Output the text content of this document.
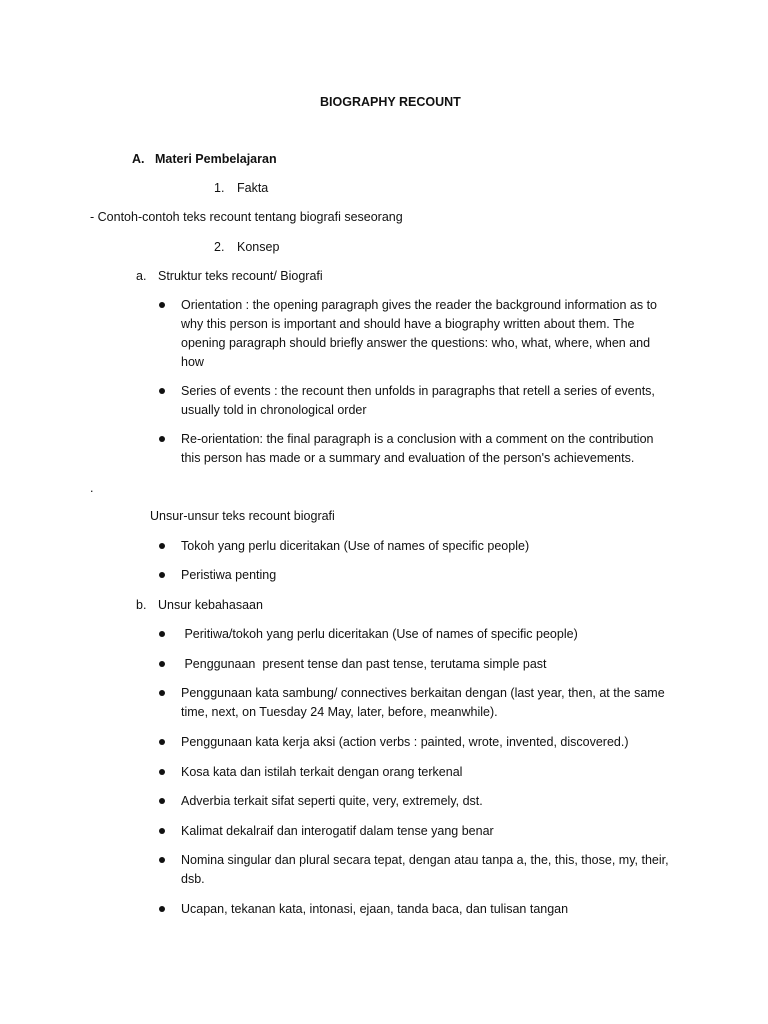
BIOGRAPHY RECOUNT
A. Materi Pembelajaran
1. Fakta
- Contoh-contoh teks recount tentang biografi seseorang
2. Konsep
a. Struktur teks recount/ Biografi
Orientation : the opening paragraph gives the reader the background information as to
why this person is important and should have a biography written about them. The
opening paragraph should briefly answer the questions: who, what, where, when and
how
Series of events : the recount then unfolds in paragraphs that retell a series of events,
usually told in chronological order
Re-orientation: the final paragraph is a conclusion with a comment on the contribution
this person has made or a summary and evaluation of the person's achievements.
.
Unsur-unsur teks recount biografi
Tokoh yang perlu diceritakan (Use of names of specific people)
Peristiwa penting
b. Unsur kebahasaan
Peritiwa/tokoh yang perlu diceritakan (Use of names of specific people)
Penggunaan  present tense dan past tense, terutama simple past
Penggunaan kata sambung/ connectives berkaitan dengan (last year, then, at the same
time, next, on Tuesday 24 May, later, before, meanwhile).
Penggunaan kata kerja aksi (action verbs : painted, wrote, invented, discovered.)
Kosa kata dan istilah terkait dengan orang terkenal
Adverbia terkait sifat seperti quite, very, extremely, dst.
Kalimat dekalraif dan interogatif dalam tense yang benar
Nomina singular dan plural secara tepat, dengan atau tanpa a, the, this, those, my, their,
dsb.
Ucapan, tekanan kata, intonasi, ejaan, tanda baca, dan tulisan tangan
